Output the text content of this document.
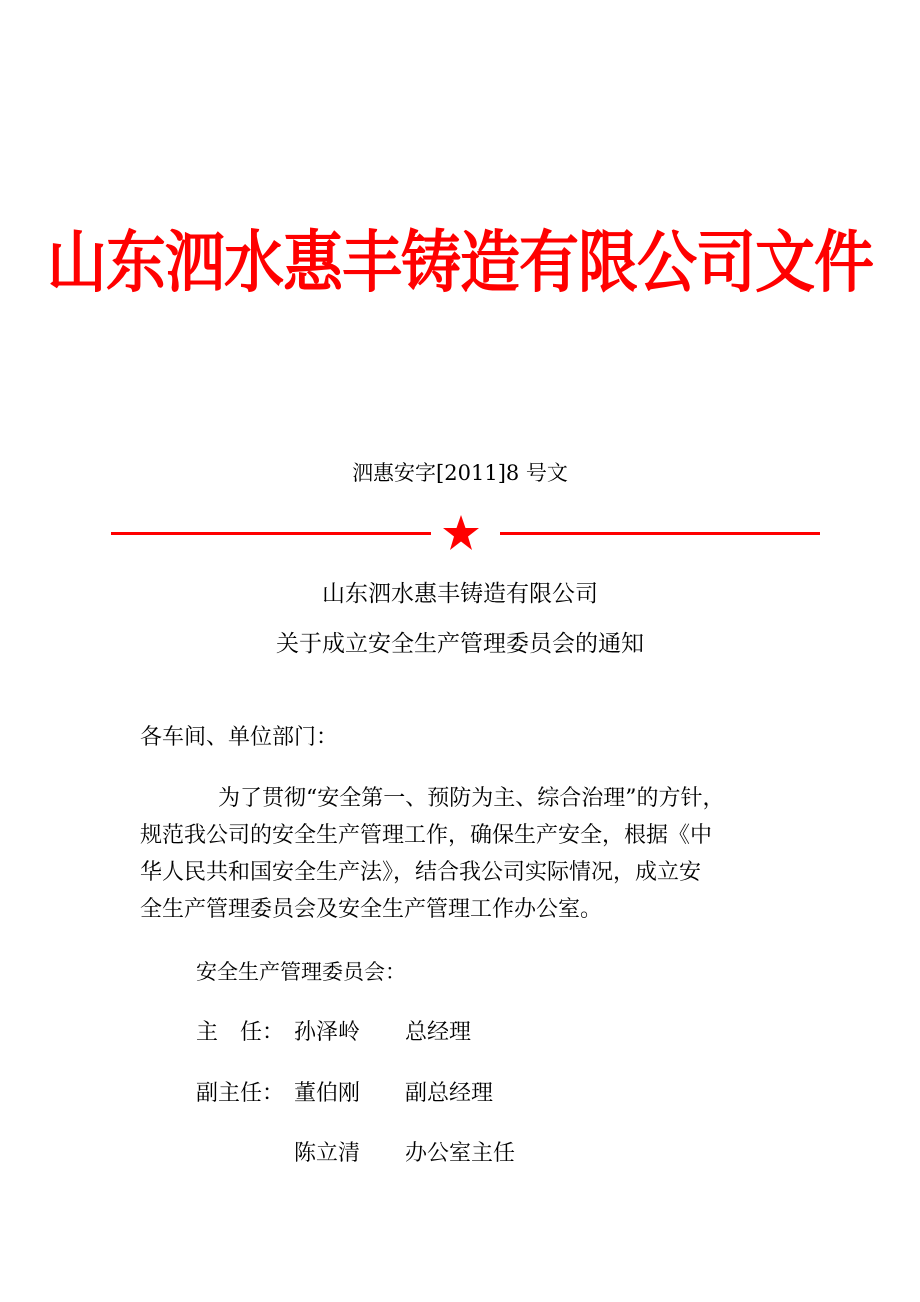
山东泗水惠丰铸造有限公司文件
泗惠安字[2011]8 号文
山东泗水惠丰铸造有限公司
关于成立安全生产管理委员会的通知
各车间、单位部门：
为了贯彻“安全第一、预防为主、综合治理”的方针，
规范我公司的安全生产管理工作，确保生产安全，根据《中
华人民共和国安全生产法》，结合我公司实际情况，成立安
全生产管理委员会及安全生产管理工作办公室。
安全生产管理委员会：
主　任： 孙泽岭 总经理
副主任： 董伯刚 副总经理
陈立清 办公室主任
